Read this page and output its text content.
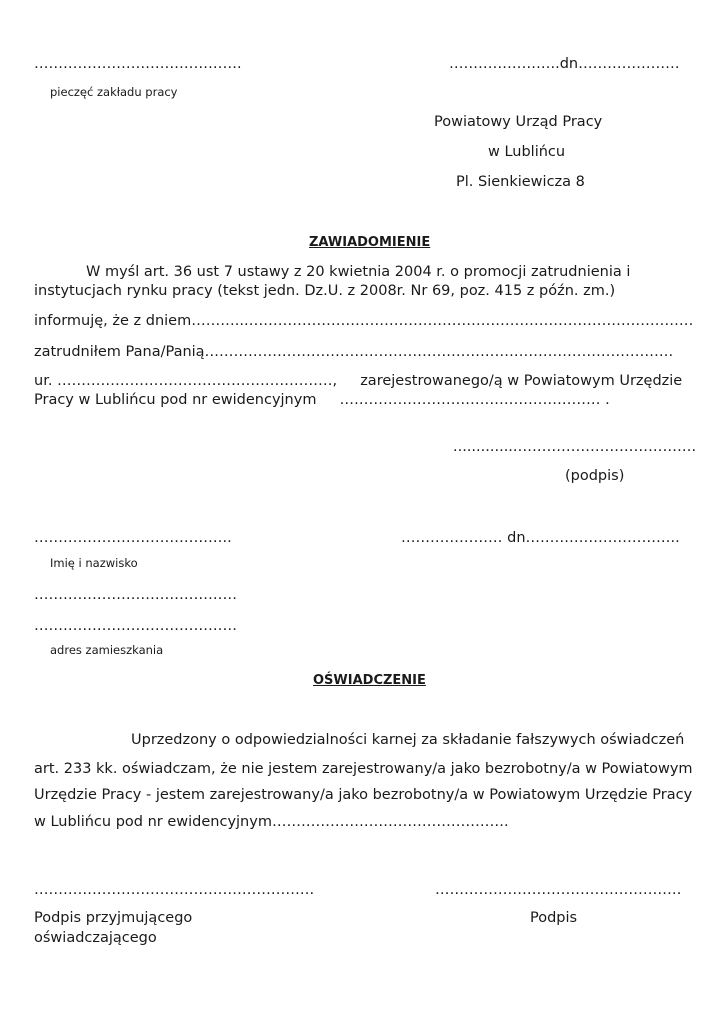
…………………………………….	…………………..dn…………………
pieczęć zakładu pracy
Powiatowy Urząd Pracy
w Lublińcu
Pl. Sienkiewicza 8
ZAWIADOMIENIE
W myśl art. 36 ust 7 ustawy z 20 kwietnia 2004 r. o promocji zatrudnienia i instytucjach rynku pracy (tekst jedn. Dz.U. z 2008r. Nr 69, poz. 415 z późn. zm.)
informuję, że z dniem………..…………………………………………………………………………………
zatrudniłem Pana/Panią…………………………………………………………………………………….
ur. …………………………………………………,     zarejestrowanego/ą w Powiatowym Urzędzie Pracy w Lublińcu pod nr ewidencyjnym     ……………………………………………… .
..............……………………………….
(podpis)
…………………………………..	………………… dn…………………………..
Imię i nazwisko
……………………………………
……………………………………
adres zamieszkania
OŚWIADCZENIE
Uprzedzony o odpowiedzialności karnej za składanie fałszywych oświadczeń
art. 233 kk. oświadczam, że nie jestem zarejestrowany/a jako bezrobotny/a w Powiatowym
Urzędzie Pracy - jestem zarejestrowany/a jako bezrobotny/a w Powiatowym Urzędzie Pracy
w Lublińcu pod nr ewidencyjnym………………………………………….
………………………………………………….	……………………………………………
Podpis przyjmującego	Podpis
oświadczającego
